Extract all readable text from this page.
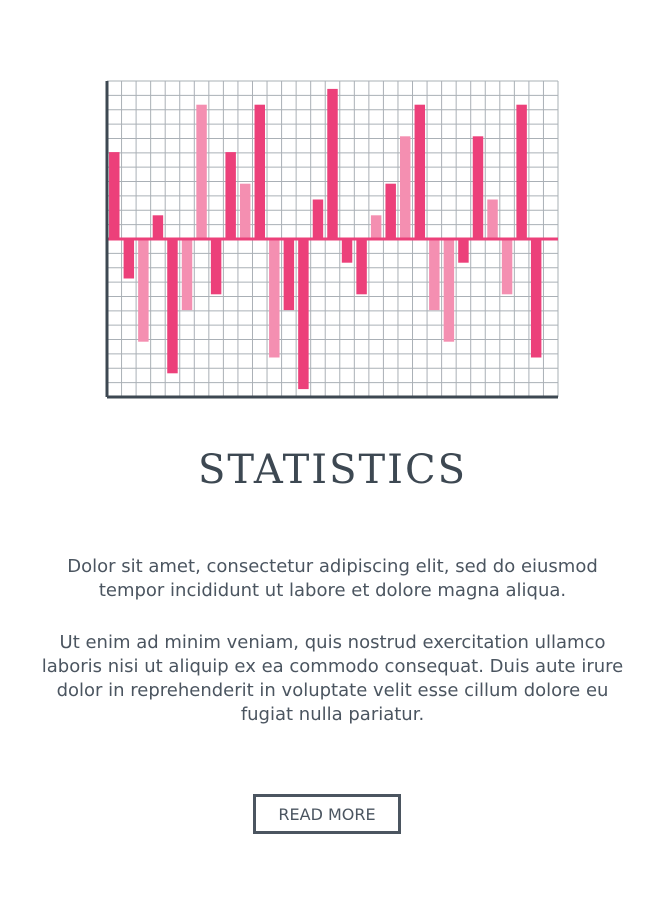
STATISTICS
Dolor sit amet, consectetur adipiscing elit, sed do eiusmod tempor incididunt ut labore et dolore magna aliqua.
Ut enim ad minim veniam, quis nostrud exercitation ullamco laboris nisi ut aliquip ex ea commodo consequat. Duis aute irure dolor in reprehenderit in voluptate velit esse cillum dolore eu fugiat nulla pariatur.
READ MORE
